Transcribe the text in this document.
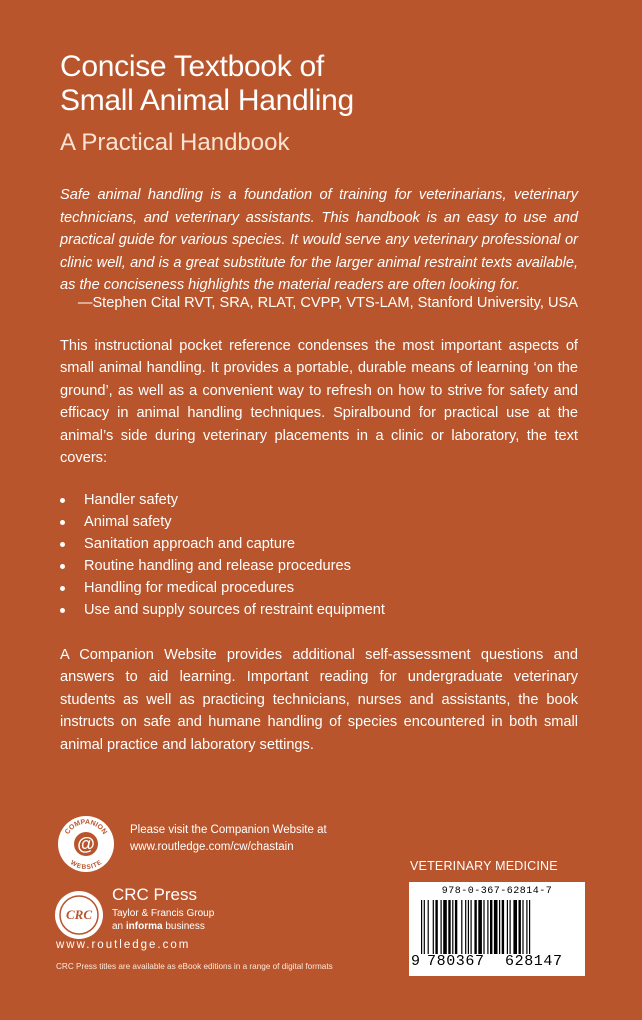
Concise Textbook of
Small Animal Handling
A Practical Handbook
Safe animal handling is a foundation of training for veterinarians, veterinary technicians, and veterinary assistants. This handbook is an easy to use and practical guide for various species. It would serve any veterinary professional or clinic well, and is a great substitute for the larger animal restraint texts available, as the conciseness highlights the material readers are often looking for.
—Stephen Cital RVT, SRA, RLAT, CVPP, VTS-LAM, Stanford University, USA
This instructional pocket reference condenses the most important aspects of small animal handling. It provides a portable, durable means of learning ‘on the ground’, as well as a convenient way to refresh on how to strive for safety and efficacy in animal handling techniques. Spiralbound for practical use at the animal’s side during veterinary placements in a clinic or laboratory, the text covers:
Handler safety
Animal safety
Sanitation approach and capture
Routine handling and release procedures
Handling for medical procedures
Use and supply sources of restraint equipment
A Companion Website provides additional self-assessment questions and answers to aid learning. Important reading for undergraduate veterinary students as well as practicing technicians, nurses and assistants, the book instructs on safe and humane handling of species encountered in both small animal practice and laboratory settings.
@
COMPANION
WEBSITE
Please visit the Companion Website at
www.routledge.com/cw/chastain
CRC
CRC Press
Taylor & Francis Group
an informa business
www.routledge.com
CRC Press titles are available as eBook editions in a range of digital formats
VETERINARY MEDICINE
978-0-367-62814-7
9 780367 628147
